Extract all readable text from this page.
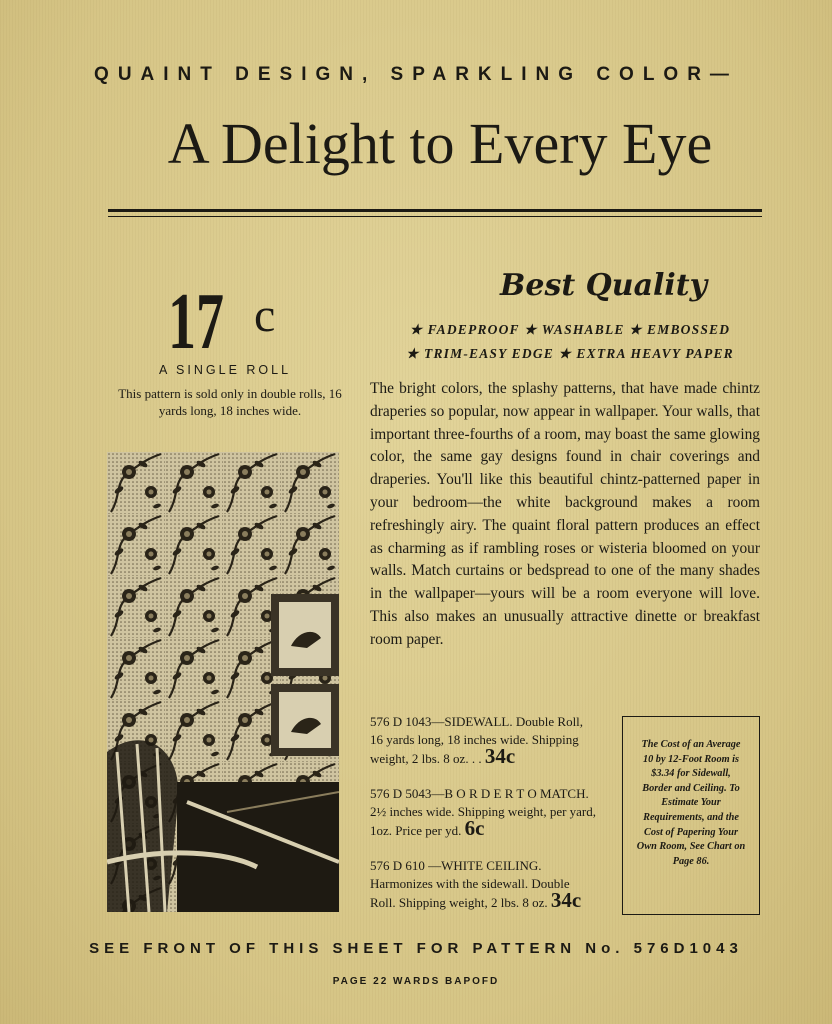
QUAINT DESIGN, SPARKLING COLOR—
A Delight to Every Eye
17 c
A SINGLE ROLL
This pattern is sold only in double rolls, 16 yards long, 18 inches wide.
Best Quality
★ FADEPROOF ★ WASHABLE ★ EMBOSSED
★ TRIM-EASY EDGE ★ EXTRA HEAVY PAPER
The bright colors, the splashy patterns, that have made chintz draperies so popular, now appear in wallpaper. Your walls, that important three-fourths of a room, may boast the same glowing color, the same gay designs found in chair coverings and draperies. You'll like this beautiful chintz-patterned paper in your bedroom—the white background makes a room refreshingly airy. The quaint floral pattern produces an effect as charming as if rambling roses or wisteria bloomed on your walls. Match curtains or bedspread to one of the many shades in the wallpaper—yours will be a room everyone will love. This also makes an unusually attractive dinette or breakfast room paper.
576 D 1043—SIDEWALL. Double Roll, 16 yards long, 18 inches wide. Shipping weight, 2 lbs. 8 oz. . . 34c
576 D 5043—B O R D E R T O MATCH. 2½ inches wide. Shipping weight, per yard, 1oz. Price per yd. 6c
576 D 610 —WHITE CEILING. Harmonizes with the sidewall. Double Roll. Shipping weight, 2 lbs. 8 oz. 34c
The Cost of an Average 10 by 12-Foot Room is $3.34 for Sidewall, Border and Ceiling. To Estimate Your Requirements, and the Cost of Papering Your Own Room, See Chart on Page 86.
SEE FRONT OF THIS SHEET FOR PATTERN No. 576D1043
PAGE 22 WARDS BAPOFD
